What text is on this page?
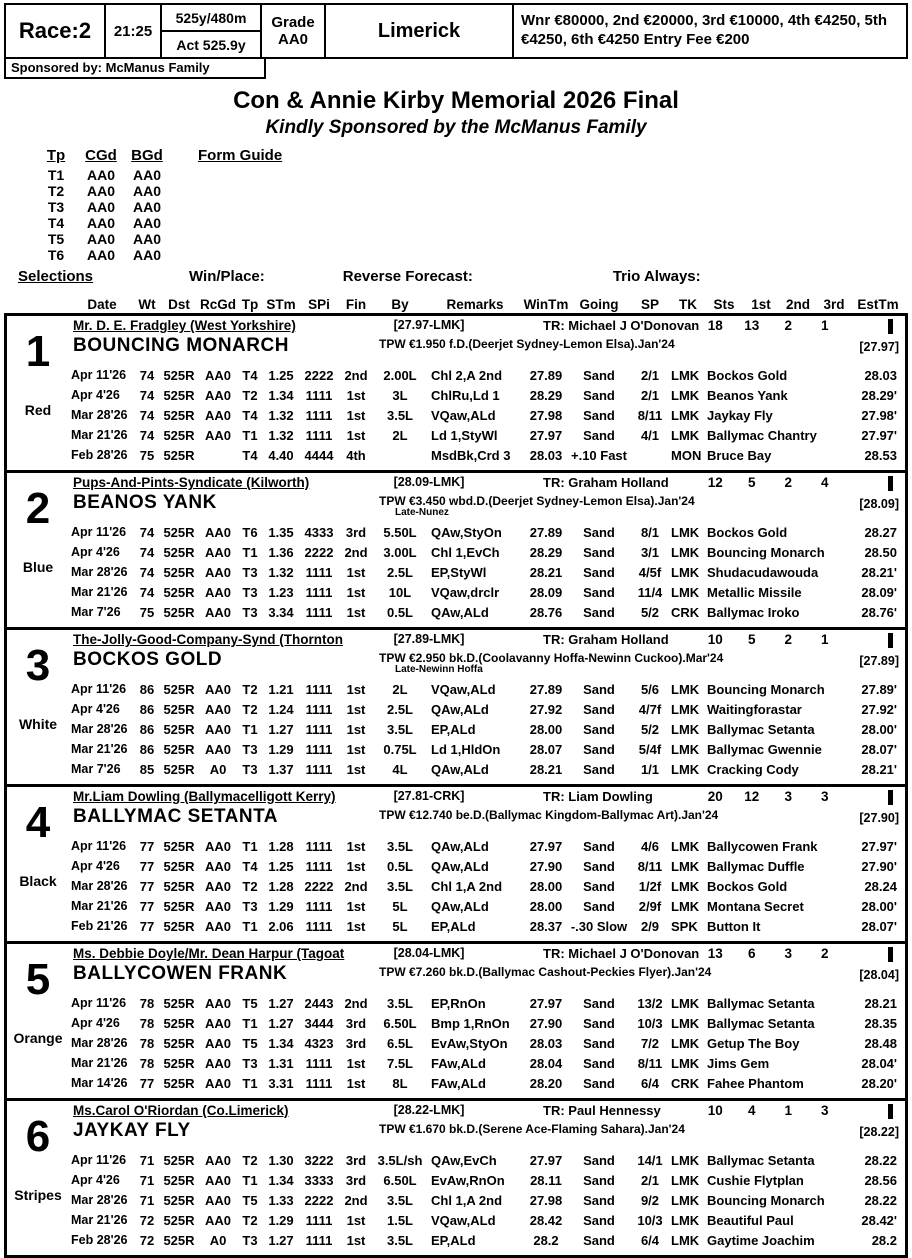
Race:2 21:25
525y/480m
Act 525.9y
Grade
AA0	Limerick	Wnr €80000, 2nd €20000, 3rd €10000, 4th €4250, 5th €4250, 6th €4250 Entry Fee €200
Sponsored by: McManus Family
Con & Annie Kirby Memorial 2026 Final
Kindly Sponsored by the McManus Family
Tp	CGd BGd	Form Guide
T1	AA0	AA0
T2	AA0	AA0
T3	AA0	AA0
T4	AA0	AA0
T5	AA0	AA0
T6	AA0	AA0
Selections	Win/Place:	Reverse Forecast:	Trio Always:
Date	Wt Dst RcGd Tp STm SPi	Fin	By	Remarks	WinTm Going	SP	TK	Sts	1st	2nd 3rd EstTm
1
Red
Mr. D. E. Fradgley (West Yorkshire)	[27.97-LMK]	TR: Michael J O'Donovan 18	13	2	1
BOUNCING MONARCH	TPW €1.950 f.D.(Deerjet Sydney-Lemon Elsa).Jan'24	[27.97]
Apr 11'26	74 525R AA0 T4 1.25 2222 2nd	2.00L	Chl 2,A 2nd	27.89	Sand	2/1 LMK Bockos Gold	28.03
Apr 4'26	74 525R AA0 T2 1.34 1111	1st	3L	ChlRu,Ld 1	28.29	Sand	2/1 LMK Beanos Yank	28.29'
Mar 28'26 74 525R AA0 T4 1.32 1111	1st	3.5L	VQaw,ALd	27.98	Sand	8/11 LMK Jaykay Fly	27.98'
Mar 21'26 74 525R AA0 T1 1.32 1111	1st	2L	Ld 1,StyWl	27.97	Sand	4/1 LMK Ballymac Chantry	27.97'
Feb 28'26 75 525R	T4 4.40 4444 4th	MsdBk,Crd 3	28.03 +.10 Fast	MON Bruce Bay	28.53
2
Blue
Pups-And-Pints-Syndicate (Kilworth)	[28.09-LMK]	TR: Graham Holland	12	5	2	4
BEANOS YANK	TPW €3.450 wbd.D.(Deerjet Sydney-Lemon Elsa).Jan'24
Late-Nunez
[28.09]
Apr 11'26	74 525R AA0 T6 1.35 4333 3rd	5.50L	QAw,StyOn	27.89	Sand	8/1 LMK Bockos Gold	28.27
Apr 4'26	74 525R AA0 T1 1.36 2222 2nd	3.00L	Chl 1,EvCh	28.29	Sand	3/1 LMK Bouncing Monarch	28.50
Mar 28'26 74 525R AA0 T3 1.32 1111	1st	2.5L	EP,StyWl	28.21	Sand	4/5f LMK Shudacudawouda	28.21'
Mar 21'26 74 525R AA0 T3 1.23 1111	1st	10L	VQaw,drclr	28.09	Sand	11/4 LMK Metallic Missile	28.09'
Mar 7'26	75 525R AA0 T3 3.34 1111	1st	0.5L	QAw,ALd	28.76	Sand	5/2 CRK Ballymac Iroko	28.76'
3
White
The-Jolly-Good-Company-Synd (Thornton	[27.89-LMK]	TR: Graham Holland	10	5	2	1
BOCKOS GOLD	TPW €2.950 bk.D.(Coolavanny Hoffa-Newinn Cuckoo).Mar'24
Late-Newinn Hoffa
[27.89]
Apr 11'26	86 525R AA0 T2 1.21 1111	1st	2L	VQaw,ALd	27.89	Sand	5/6 LMK Bouncing Monarch	27.89'
Apr 4'26	86 525R AA0 T2 1.24 1111	1st	2.5L	QAw,ALd	27.92	Sand	4/7f LMK Waitingforastar	27.92'
Mar 28'26 86 525R AA0 T1 1.27 1111	1st	3.5L	EP,ALd	28.00	Sand	5/2 LMK Ballymac Setanta	28.00'
Mar 21'26 86 525R AA0 T3 1.29 1111	1st	0.75L	Ld 1,HldOn	28.07	Sand	5/4f LMK Ballymac Gwennie	28.07'
Mar 7'26	85 525R	A0	T3 1.37 1111	1st	4L	QAw,ALd	28.21	Sand	1/1 LMK Cracking Cody	28.21'
4
Black
Mr.Liam Dowling (Ballymacelligott Kerry)	[27.81-CRK]	TR: Liam Dowling	20	12	3	3
BALLYMAC SETANTA	TPW €12.740 be.D.(Ballymac Kingdom-Ballymac Art).Jan'24	[27.90]
Apr 11'26	77 525R AA0 T1 1.28 1111	1st	3.5L	QAw,ALd	27.97	Sand	4/6 LMK Ballycowen Frank	27.97'
Apr 4'26	77 525R AA0 T4 1.25 1111	1st	0.5L	QAw,ALd	27.90	Sand	8/11 LMK Ballymac Duffle	27.90'
Mar 28'26 77 525R AA0 T2 1.28 2222 2nd	3.5L	Chl 1,A 2nd	28.00	Sand	1/2f LMK Bockos Gold	28.24
Mar 21'26 77 525R AA0 T3 1.29 1111	1st	5L	QAw,ALd	28.00	Sand	2/9f LMK Montana Secret	28.00'
Feb 21'26 77 525R AA0 T1 2.06 1111	1st	5L	EP,ALd	28.37 -.30 Slow	2/9 SPK Button It	28.07'
5
Orange
Ms. Debbie Doyle/Mr. Dean Harpur (Tagoat	[28.04-LMK]	TR: Michael J O'Donovan 13	6	3	2
BALLYCOWEN FRANK	TPW €7.260 bk.D.(Ballymac Cashout-Peckies Flyer).Jan'24	[28.04]
Apr 11'26	78 525R AA0 T5 1.27 2443 2nd	3.5L	EP,RnOn	27.97	Sand	13/2 LMK Ballymac Setanta	28.21
Apr 4'26	78 525R AA0 T1 1.27 3444 3rd	6.50L	Bmp 1,RnOn	27.90	Sand	10/3 LMK Ballymac Setanta	28.35
Mar 28'26 78 525R AA0 T5 1.34 4323 3rd	6.5L	EvAw,StyOn	28.03	Sand	7/2 LMK Getup The Boy	28.48
Mar 21'26 78 525R AA0 T3 1.31 1111	1st	7.5L	FAw,ALd	28.04	Sand	8/11 LMK Jims Gem	28.04'
Mar 14'26 77 525R AA0 T1 3.31 1111	1st	8L	FAw,ALd	28.20	Sand	6/4 CRK Fahee Phantom	28.20'
6
Stripes
Ms.Carol O'Riordan (Co.Limerick)	[28.22-LMK]	TR: Paul Hennessy	10	4	1	3
JAYKAY FLY	TPW €1.670 bk.D.(Serene Ace-Flaming Sahara).Jan'24	[28.22]
Apr 11'26	71 525R AA0 T2 1.30 3222 3rd 3.5L/sh QAw,EvCh	27.97	Sand	14/1 LMK Ballymac Setanta	28.22
Apr 4'26	71 525R AA0 T1 1.34 3333 3rd	6.50L	EvAw,RnOn	28.11	Sand	2/1 LMK Cushie Flytplan	28.56
Mar 28'26 71 525R AA0 T5 1.33 2222 2nd	3.5L	Chl 1,A 2nd	27.98	Sand	9/2 LMK Bouncing Monarch	28.22
Mar 21'26 72 525R AA0 T2 1.29 1111	1st	1.5L	VQaw,ALd	28.42	Sand	10/3 LMK Beautiful Paul	28.42'
Feb 28'26 72 525R	A0	T3 1.27 1111	1st	3.5L	EP,ALd	28.2	Sand	6/4 LMK Gaytime Joachim	28.2
